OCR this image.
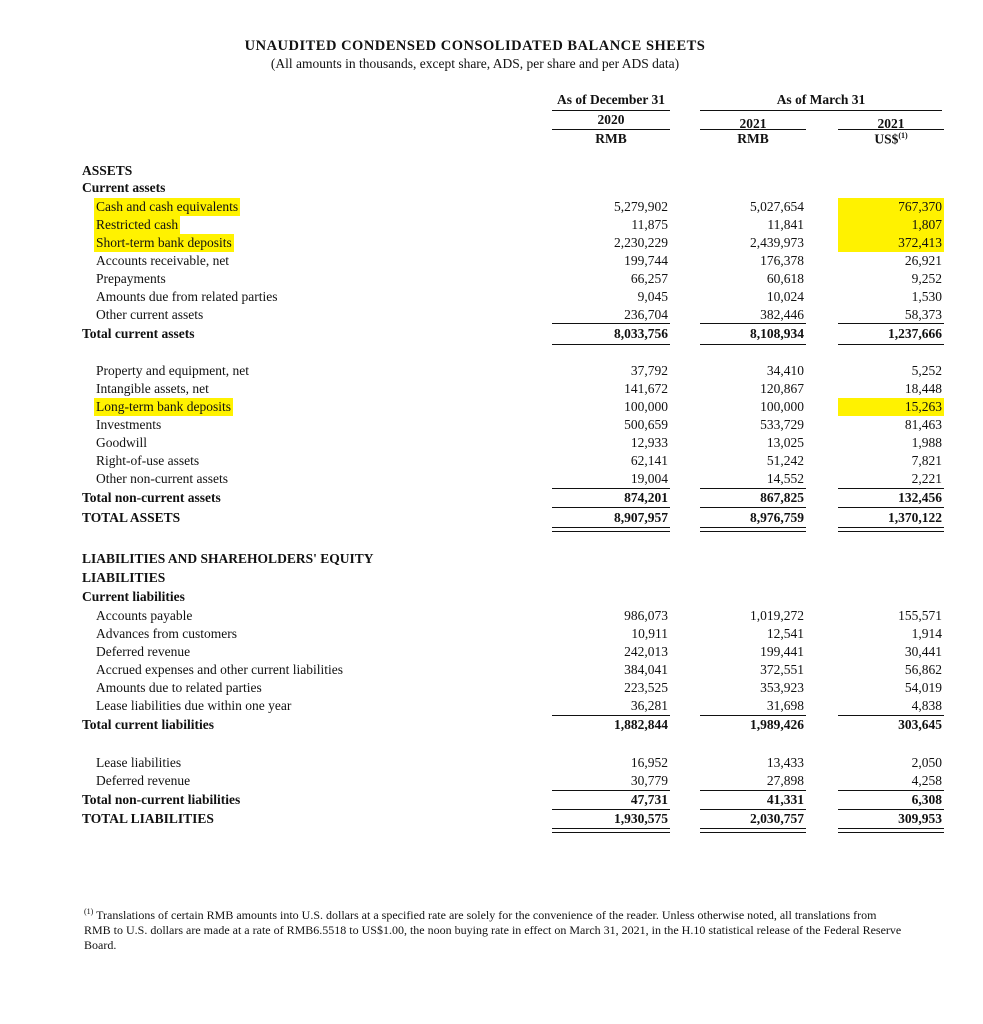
UNAUDITED CONDENSED CONSOLIDATED BALANCE SHEETS
(All amounts in thousands, except share, ADS, per share and per ADS data)
As of December 31	As of March 31
2020	2021	2021
RMB	RMB	US\$$^{(1)}$
ASSETS
Current assets
LIABILITIES AND SHAREHOLDERS' EQUITY
LIABILITIES
Current liabilities
Cash and cash equivalents	5,279,902	5,027,654	767,370
Restricted cash	11,875	11,841	1,807
Short-term bank deposits	2,230,229	2,439,973	372,413
Accounts receivable, net	199,744	176,378	26,921
Prepayments	66,257	60,618	9,252
Amounts due from related parties	9,045	10,024	1,530
Other current assets	236,704	382,446	58,373
Total current assets	8,033,756	8,108,934	1,237,666
Property and equipment, net	37,792	34,410	5,252
Intangible assets, net	141,672	120,867	18,448
Long-term bank deposits	100,000	100,000	15,263
Investments	500,659	533,729	81,463
Goodwill	12,933	13,025	1,988
Right-of-use assets	62,141	51,242	7,821
Other non-current assets	19,004	14,552	2,221
Total non-current assets	874,201	867,825	132,456
TOTAL ASSETS	8,907,957	8,976,759	1,370,122
Accounts payable	986,073	1,019,272	155,571
Advances from customers	10,911	12,541	1,914
Deferred revenue	242,013	199,441	30,441
Accrued expenses and other current liabilities	384,041	372,551	56,862
Amounts due to related parties	223,525	353,923	54,019
Lease liabilities due within one year	36,281	31,698	4,838
Total current liabilities	1,882,844	1,989,426	303,645
Lease liabilities	16,952	13,433	2,050
Deferred revenue	30,779	27,898	4,258
Total non-current liabilities	47,731	41,331	6,308
TOTAL LIABILITIES	1,930,575	2,030,757	309,953
$^{(1)}$ Translations of certain RMB amounts into U.S. dollars at a specified rate are solely for the convenience of the reader. Unless otherwise noted, all translations from RMB to U.S. dollars are made at a rate of RMB6.5518 to US$1.00, the noon buying rate in effect on March 31, 2021, in the H.10 statistical release of the Federal Reserve Board.
